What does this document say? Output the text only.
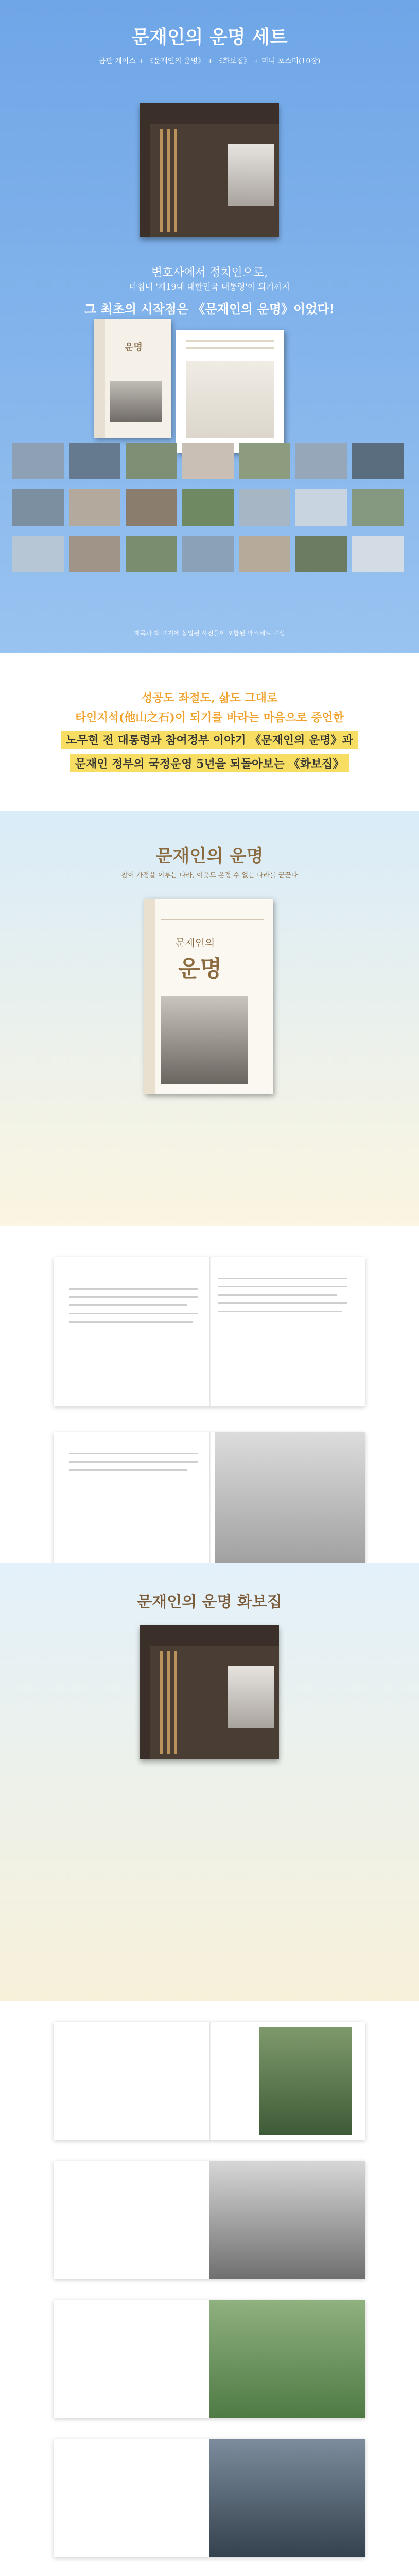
문재인의 운명 세트
곰판 케이스 + 《문재인의 운명》 + 《화보집》 + 미니 포스터(10장)
변호사에서 정치인으로,
마침내 '제19대 대한민국 대통령'이 되기까지
그 최초의 시작점은 《문재인의 운명》이었다!
운명
제목과 책 표지에 삽입된 사진들이 포함된 박스세트 구성
성공도 좌절도, 삶도 그대로
타인지석(他山之石)이 되기를 바라는 마음으로 증언한
노무현 전 대통령과 참여정부 이야기 《문재인의 운명》과
문재인 정부의 국정운영 5년을 되돌아보는 《화보집》
문재인의 운명
참이 가정을 이루는 나라, 이웃도 온정 수 없는 나라를 꿈꾼다
문재인의
운명
문재인의 운명 화보집
